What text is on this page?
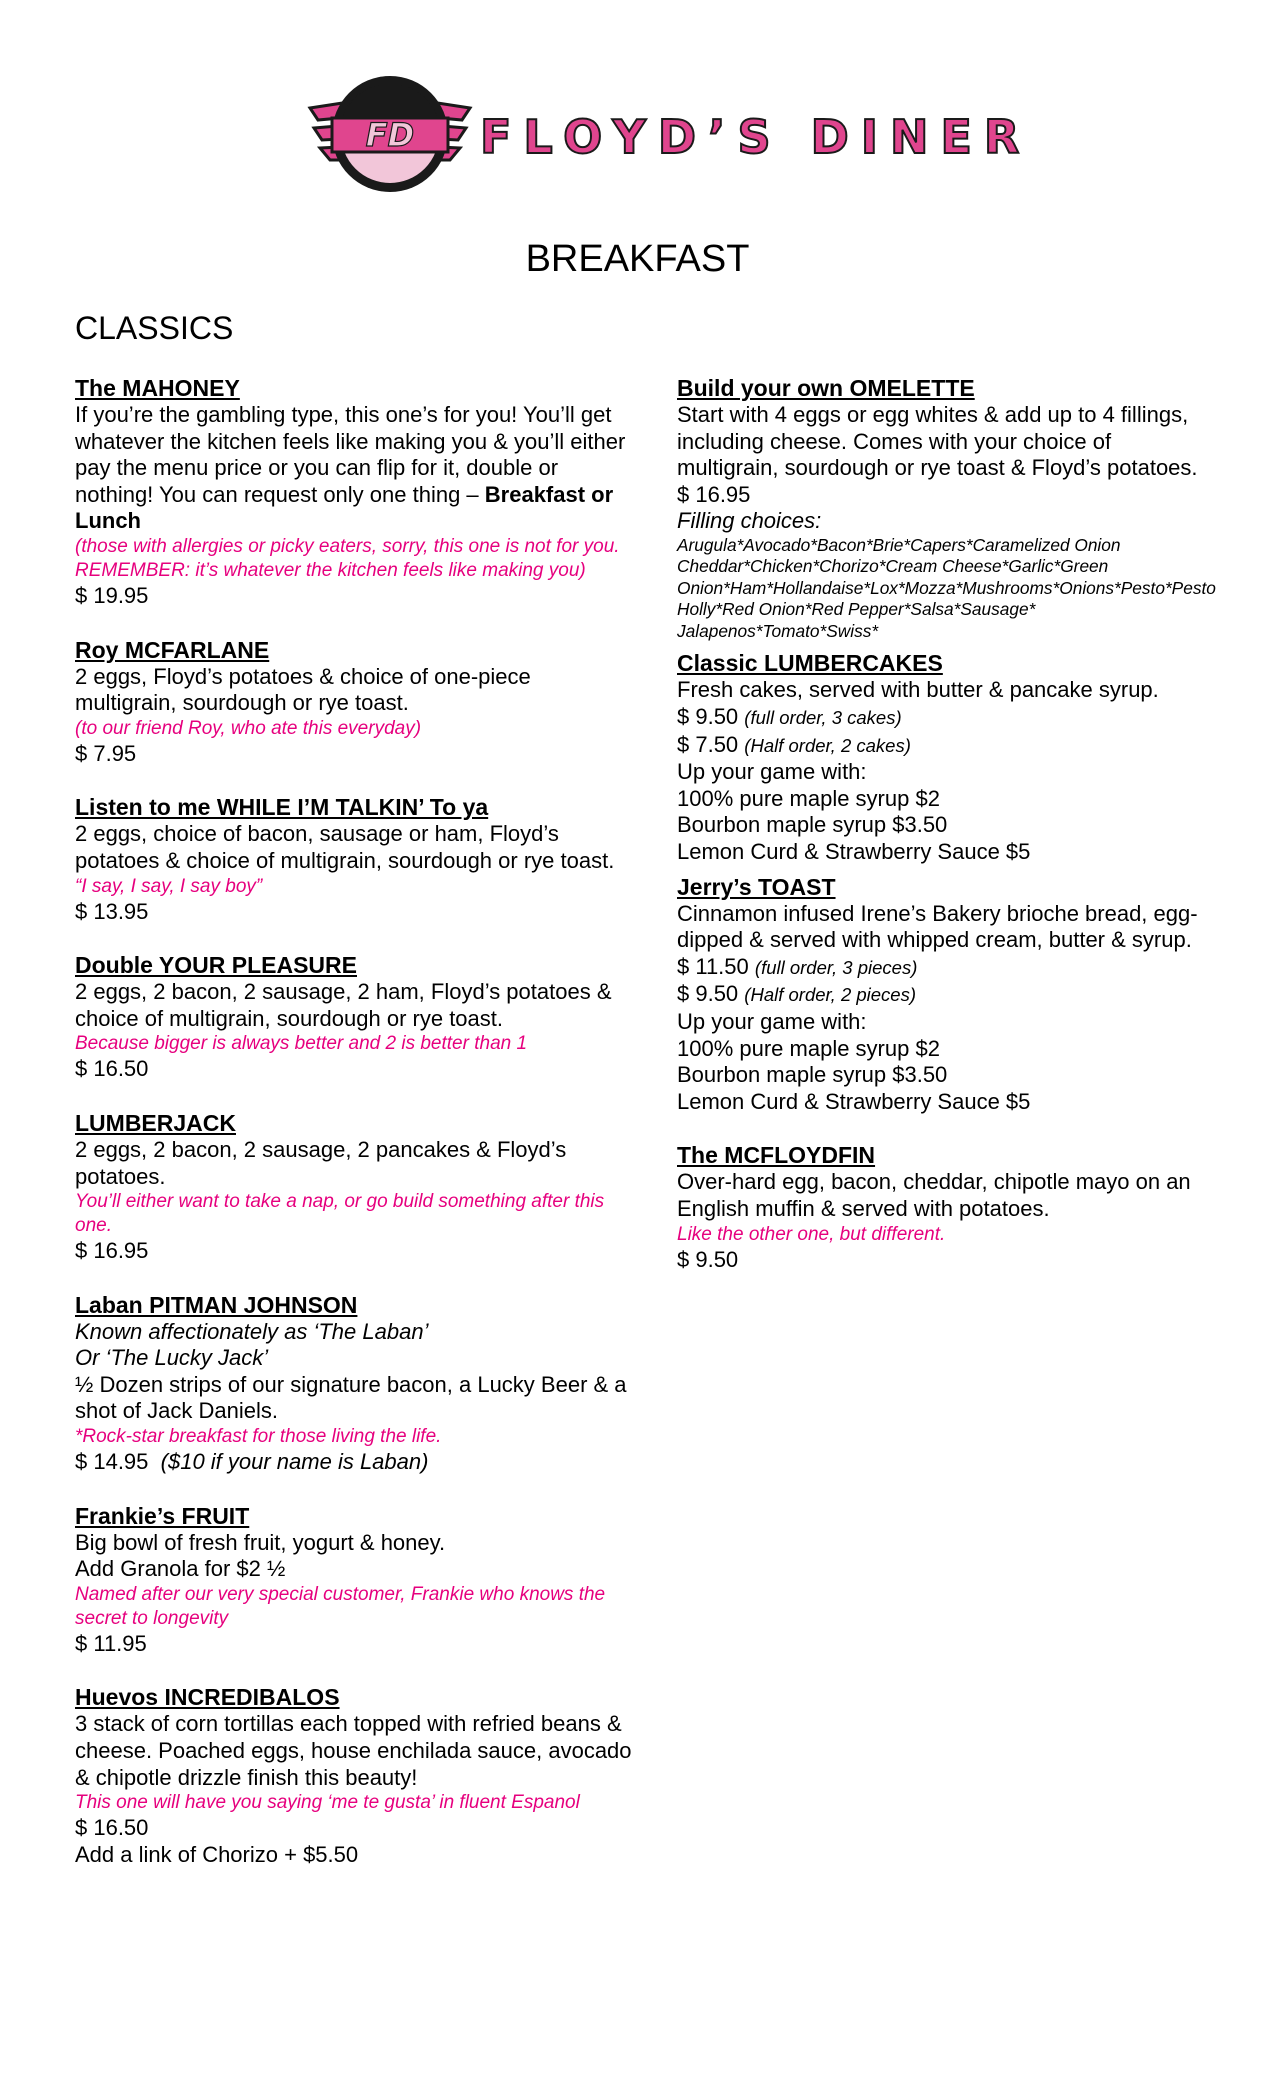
FD FLOYD’S DINER
BREAKFAST
CLASSICS
The MAHONEY
If you’re the gambling type, this one’s for you! You’ll get whatever the kitchen feels like making you & you’ll either pay the menu price or you can flip for it, double or nothing! You can request only one thing – Breakfast or Lunch
(those with allergies or picky eaters, sorry, this one is not for you. REMEMBER: it’s whatever the kitchen feels like making you)
$ 19.95
Roy MCFARLANE
2 eggs, Floyd’s potatoes & choice of one-piece multigrain, sourdough or rye toast.
(to our friend Roy, who ate this everyday)
$ 7.95
Listen to me WHILE I’M TALKIN’ To ya
2 eggs, choice of bacon, sausage or ham, Floyd’s potatoes & choice of multigrain, sourdough or rye toast.
“I say, I say, I say boy”
$ 13.95
Double YOUR PLEASURE
2 eggs, 2 bacon, 2 sausage, 2 ham, Floyd’s potatoes & choice of multigrain, sourdough or rye toast.
Because bigger is always better and 2 is better than 1
$ 16.50
LUMBERJACK
2 eggs, 2 bacon, 2 sausage, 2 pancakes & Floyd’s potatoes.
You’ll either want to take a nap, or go build something after this one.
$ 16.95
Laban PITMAN JOHNSON
Known affectionately as ‘The Laban’
Or ‘The Lucky Jack’
½ Dozen strips of our signature bacon, a Lucky Beer & a shot of Jack Daniels.
*Rock-star breakfast for those living the life.
$ 14.95 ($10 if your name is Laban)
Frankie’s FRUIT
Big bowl of fresh fruit, yogurt & honey.
Add Granola for $2 ½
Named after our very special customer, Frankie who knows the secret to longevity
$ 11.95
Huevos INCREDIBALOS
3 stack of corn tortillas each topped with refried beans & cheese. Poached eggs, house enchilada sauce, avocado & chipotle drizzle finish this beauty!
This one will have you saying ‘me te gusta’ in fluent Espanol
$ 16.50
Add a link of Chorizo + $5.50
Build your own OMELETTE
Start with 4 eggs or egg whites & add up to 4 fillings, including cheese. Comes with your choice of multigrain, sourdough or rye toast & Floyd’s potatoes. $ 16.95
Filling choices:
Arugula*Avocado*Bacon*Brie*Capers*Caramelized Onion Cheddar*Chicken*Chorizo*Cream Cheese*Garlic*Green Onion*Ham*Hollandaise*Lox*Mozza*Mushrooms*Onions*Pesto*Pesto Holly*Red Onion*Red Pepper*Salsa*Sausage* Jalapenos*Tomato*Swiss*
Classic LUMBERCAKES
Fresh cakes, served with butter & pancake syrup.
$ 9.50 (full order, 3 cakes)
$ 7.50 (Half order, 2 cakes)
Up your game with:
100% pure maple syrup $2
Bourbon maple syrup $3.50
Lemon Curd & Strawberry Sauce $5
Jerry’s TOAST
Cinnamon infused Irene’s Bakery brioche bread, egg-dipped & served with whipped cream, butter & syrup.
$ 11.50 (full order, 3 pieces)
$ 9.50 (Half order, 2 pieces)
Up your game with:
100% pure maple syrup $2
Bourbon maple syrup $3.50
Lemon Curd & Strawberry Sauce $5
The MCFLOYDFIN
Over-hard egg, bacon, cheddar, chipotle mayo on an English muffin & served with potatoes.
Like the other one, but different.
$ 9.50
